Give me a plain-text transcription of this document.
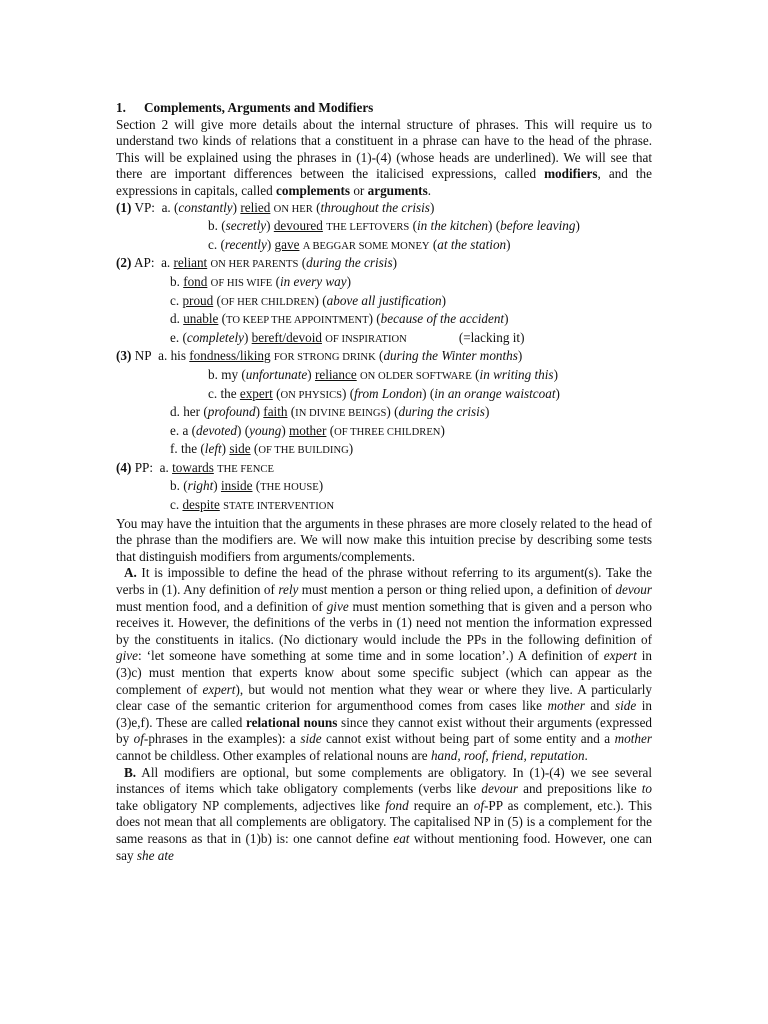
1. Complements, Arguments and Modifiers

Section 2 will give more details about the internal structure of phrases. This will require us to understand two kinds of relations that a constituent in a phrase can have to the head of the phrase. This will be explained using the phrases in (1)-(4) (whose heads are underlined). We will see that there are important differences between the italicised expressions, called modifiers, and the expressions in capitals, called complements or arguments.

(1) VP: a. (constantly) relied ON HER (throughout the crisis)
b. (secretly) devoured THE LEFTOVERS (in the kitchen) (before leaving)
c. (recently) gave A BEGGAR SOME MONEY (at the station)
(2) AP: a. reliant ON HER PARENTS (during the crisis)
b. fond OF HIS WIFE (in every way)
c. proud (OF HER CHILDREN) (above all justification)
d. unable (TO KEEP THE APPOINTMENT) (because of the accident)
e. (completely) bereft/devoid OF INSPIRATION	(=lacking it)
(3) NP a. his fondness/liking FOR STRONG DRINK (during the Winter months)
b. my (unfortunate) reliance ON OLDER SOFTWARE (in writing this)
c. the expert (ON PHYSICS) (from London) (in an orange waistcoat)
d. her (profound) faith (IN DIVINE BEINGS) (during the crisis)
e. a (devoted) (young) mother (OF THREE CHILDREN)
f. the (left) side (OF THE BUILDING)
(4) PP: a. towards THE FENCE
b. (right) inside (THE HOUSE)
c. despite STATE INTERVENTION

You may have the intuition that the arguments in these phrases are more closely related to the head of the phrase than the modifiers are. We will now make this intuition precise by describing some tests that distinguish modifiers from arguments/complements.

A. It is impossible to define the head of the phrase without referring to its argument(s). Take the verbs in (1). Any definition of rely must mention a person or thing relied upon, a definition of devour must mention food, and a definition of give must mention something that is given and a person who receives it. However, the definitions of the verbs in (1) need not mention the information expressed by the constituents in italics. (No dictionary would include the PPs in the following definition of give: ‘let someone have something at some time and in some location’.) A definition of expert in (3)c) must mention that experts know about some specific subject (which can appear as the complement of expert), but would not mention what they wear or where they live. A particularly clear case of the semantic criterion for argumenthood comes from cases like mother and side in (3)e,f). These are called relational nouns since they cannot exist without their arguments (expressed by of-phrases in the examples): a side cannot exist without being part of some entity and a mother cannot be childless. Other examples of relational nouns are hand, roof, friend, reputation.

B. All modifiers are optional, but some complements are obligatory. In (1)-(4) we see several instances of items which take obligatory complements (verbs like devour and prepositions like to take obligatory NP complements, adjectives like fond require an of-PP as complement, etc.). This does not mean that all complements are obligatory. The capitalised NP in (5) is a complement for the same reasons as that in (1)b) is: one cannot define eat without mentioning food. However, one can say she ate
